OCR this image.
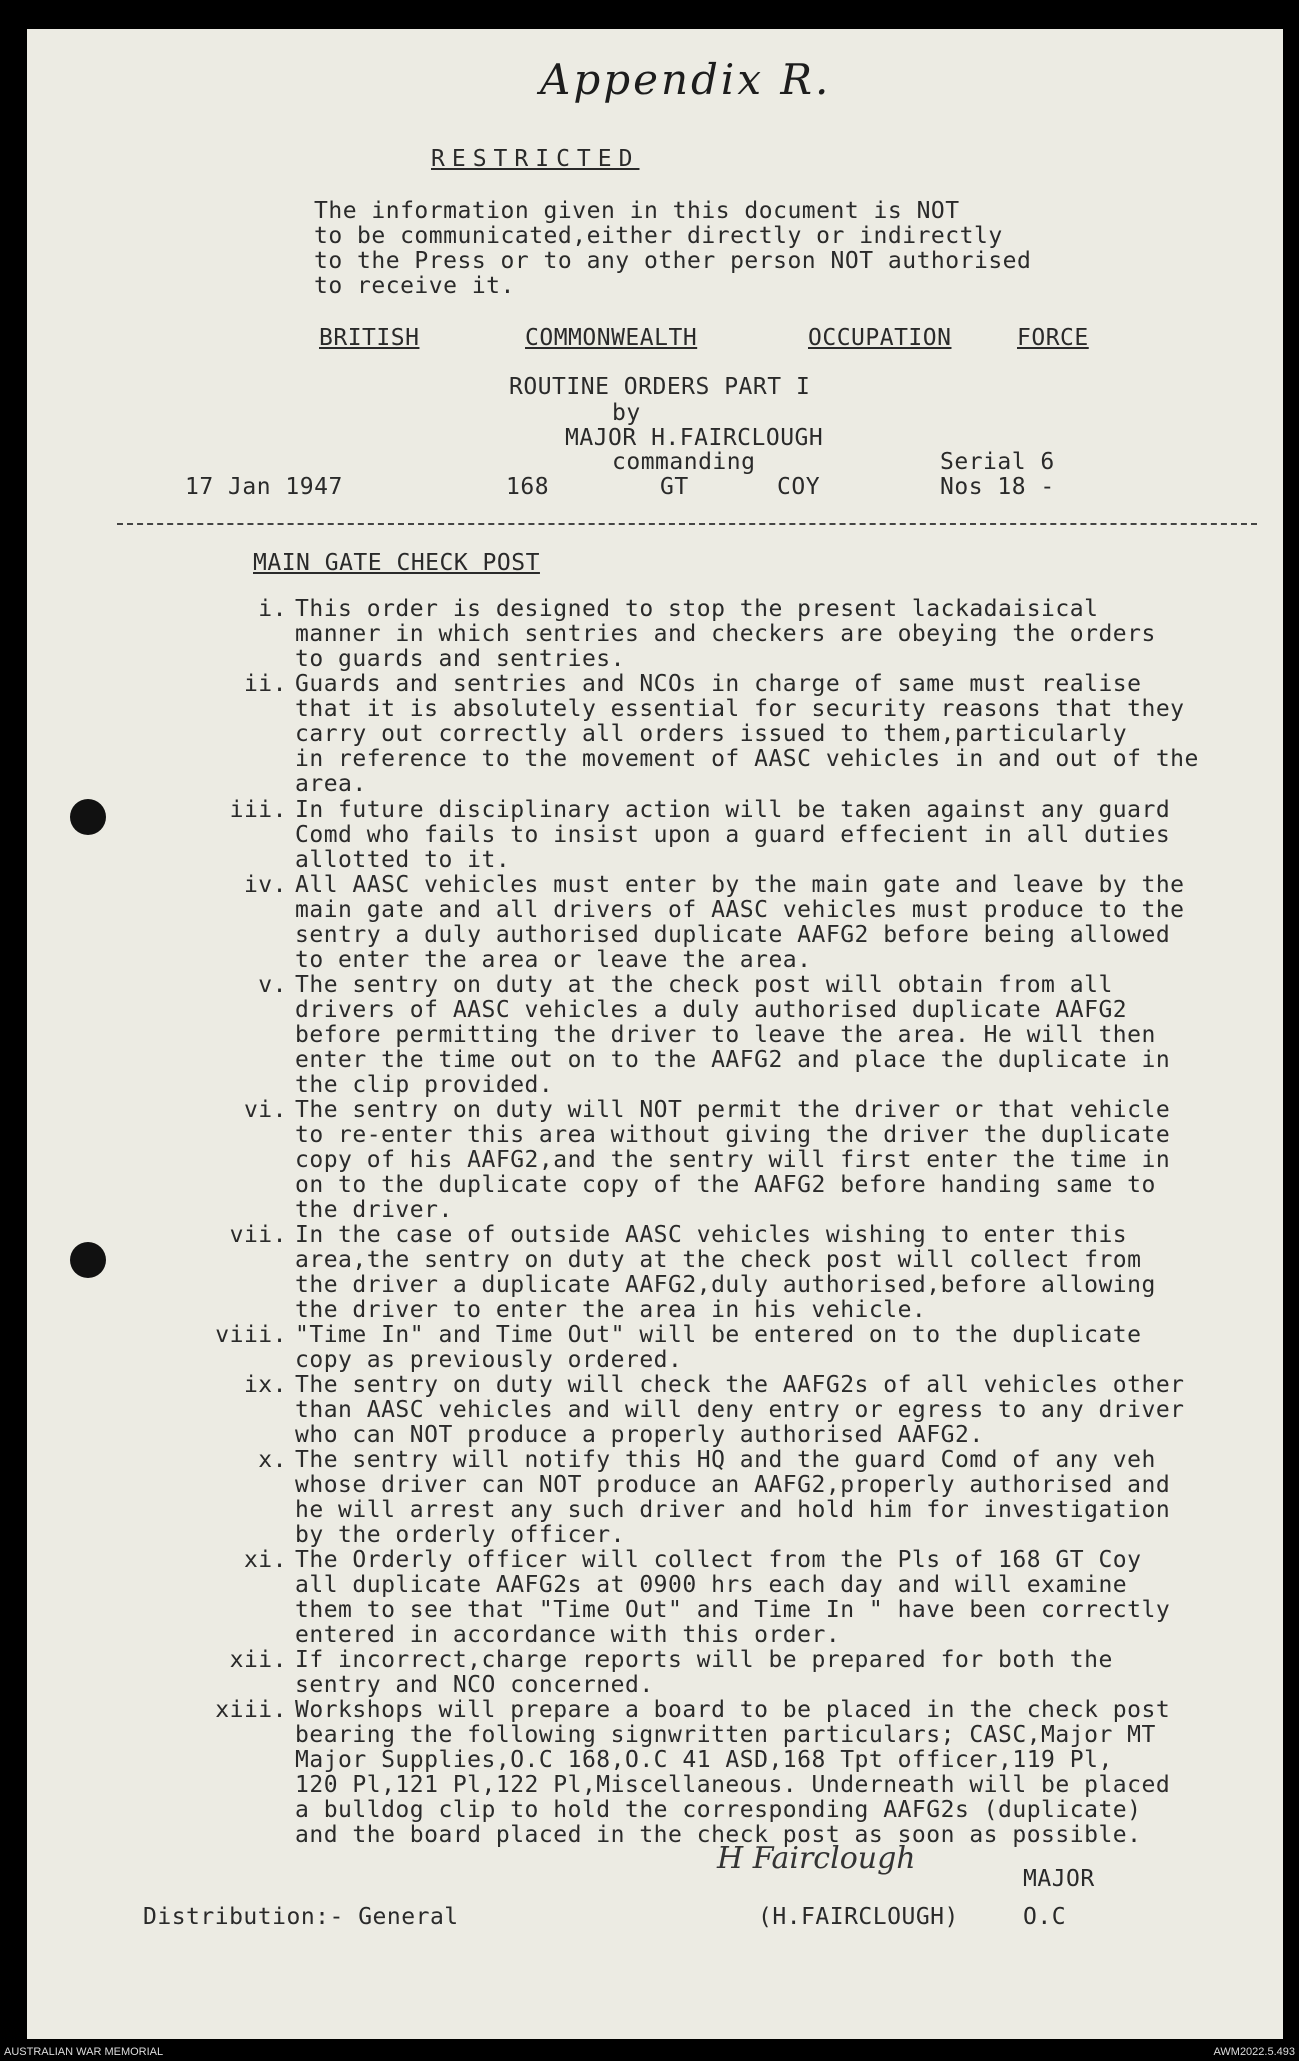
Appendix R.
RESTRICTED
The information given in this document is NOT
to be communicated,either directly or indirectly
to the Press or to any other person NOT authorised
to receive it.
BRITISH	COMMONWEALTH	OCCUPATION	FORCE
ROUTINE ORDERS PART I
by
MAJOR H.FAIRCLOUGH
commanding
17 Jan 1947	168	GT	COY
Serial 6
Nos 18 -
MAIN GATE CHECK POST
i. This order is designed to stop the present lackadaisical
manner in which sentries and checkers are obeying the orders
to guards and sentries.
ii. Guards and sentries and NCOs in charge of same must realise
that it is absolutely essential for security reasons that they
carry out correctly all orders issued to them,particularly
in reference to the movement of AASC vehicles in and out of the
area.
iii. In future disciplinary action will be taken against any guard
Comd who fails to insist upon a guard effecient in all duties
allotted to it.
iv. All AASC vehicles must enter by the main gate and leave by the
main gate and all drivers of AASC vehicles must produce to the
sentry a duly authorised duplicate AAFG2 before being allowed
to enter the area or leave the area.
v. The sentry on duty at the check post will obtain from all
drivers of AASC vehicles a duly authorised duplicate AAFG2
before permitting the driver to leave the area. He will then
enter the time out on to the AAFG2 and place the duplicate in
the clip provided.
vi. The sentry on duty will NOT permit the driver or that vehicle
to re-enter this area without giving the driver the duplicate
copy of his AAFG2,and the sentry will first enter the time in
on to the duplicate copy of the AAFG2 before handing same to
the driver.
vii. In the case of outside AASC vehicles wishing to enter this
area,the sentry on duty at the check post will collect from
the driver a duplicate AAFG2,duly authorised,before allowing
the driver to enter the area in his vehicle.
viii. "Time In" and Time Out" will be entered on to the duplicate
copy as previously ordered.
ix. The sentry on duty will check the AAFG2s of all vehicles other
than AASC vehicles and will deny entry or egress to any driver
who can NOT produce a properly authorised AAFG2.
x. The sentry will notify this HQ and the guard Comd of any veh
whose driver can NOT produce an AAFG2,properly authorised and
he will arrest any such driver and hold him for investigation
by the orderly officer.
xi. The Orderly officer will collect from the Pls of 168 GT Coy
all duplicate AAFG2s at 0900 hrs each day and will examine
them to see that "Time Out" and Time In " have been correctly
entered in accordance with this order.
xii. If incorrect,charge reports will be prepared for both the
sentry and NCO concerned.
xiii. Workshops will prepare a board to be placed in the check post
bearing the following signwritten particulars; CASC,Major MT
Major Supplies,O.C 168,O.C 41 ASD,168 Tpt officer,119 Pl,
120 Pl,121 Pl,122 Pl,Miscellaneous. Underneath will be placed
a bulldog clip to hold the corresponding AAFG2s (duplicate)
and the board placed in the check post as soon as possible.
H Fairclough
MAJOR
Distribution:- General	(H.FAIRCLOUGH)	O.C
AUSTRALIAN WAR MEMORIAL	AWM2022.5.493
